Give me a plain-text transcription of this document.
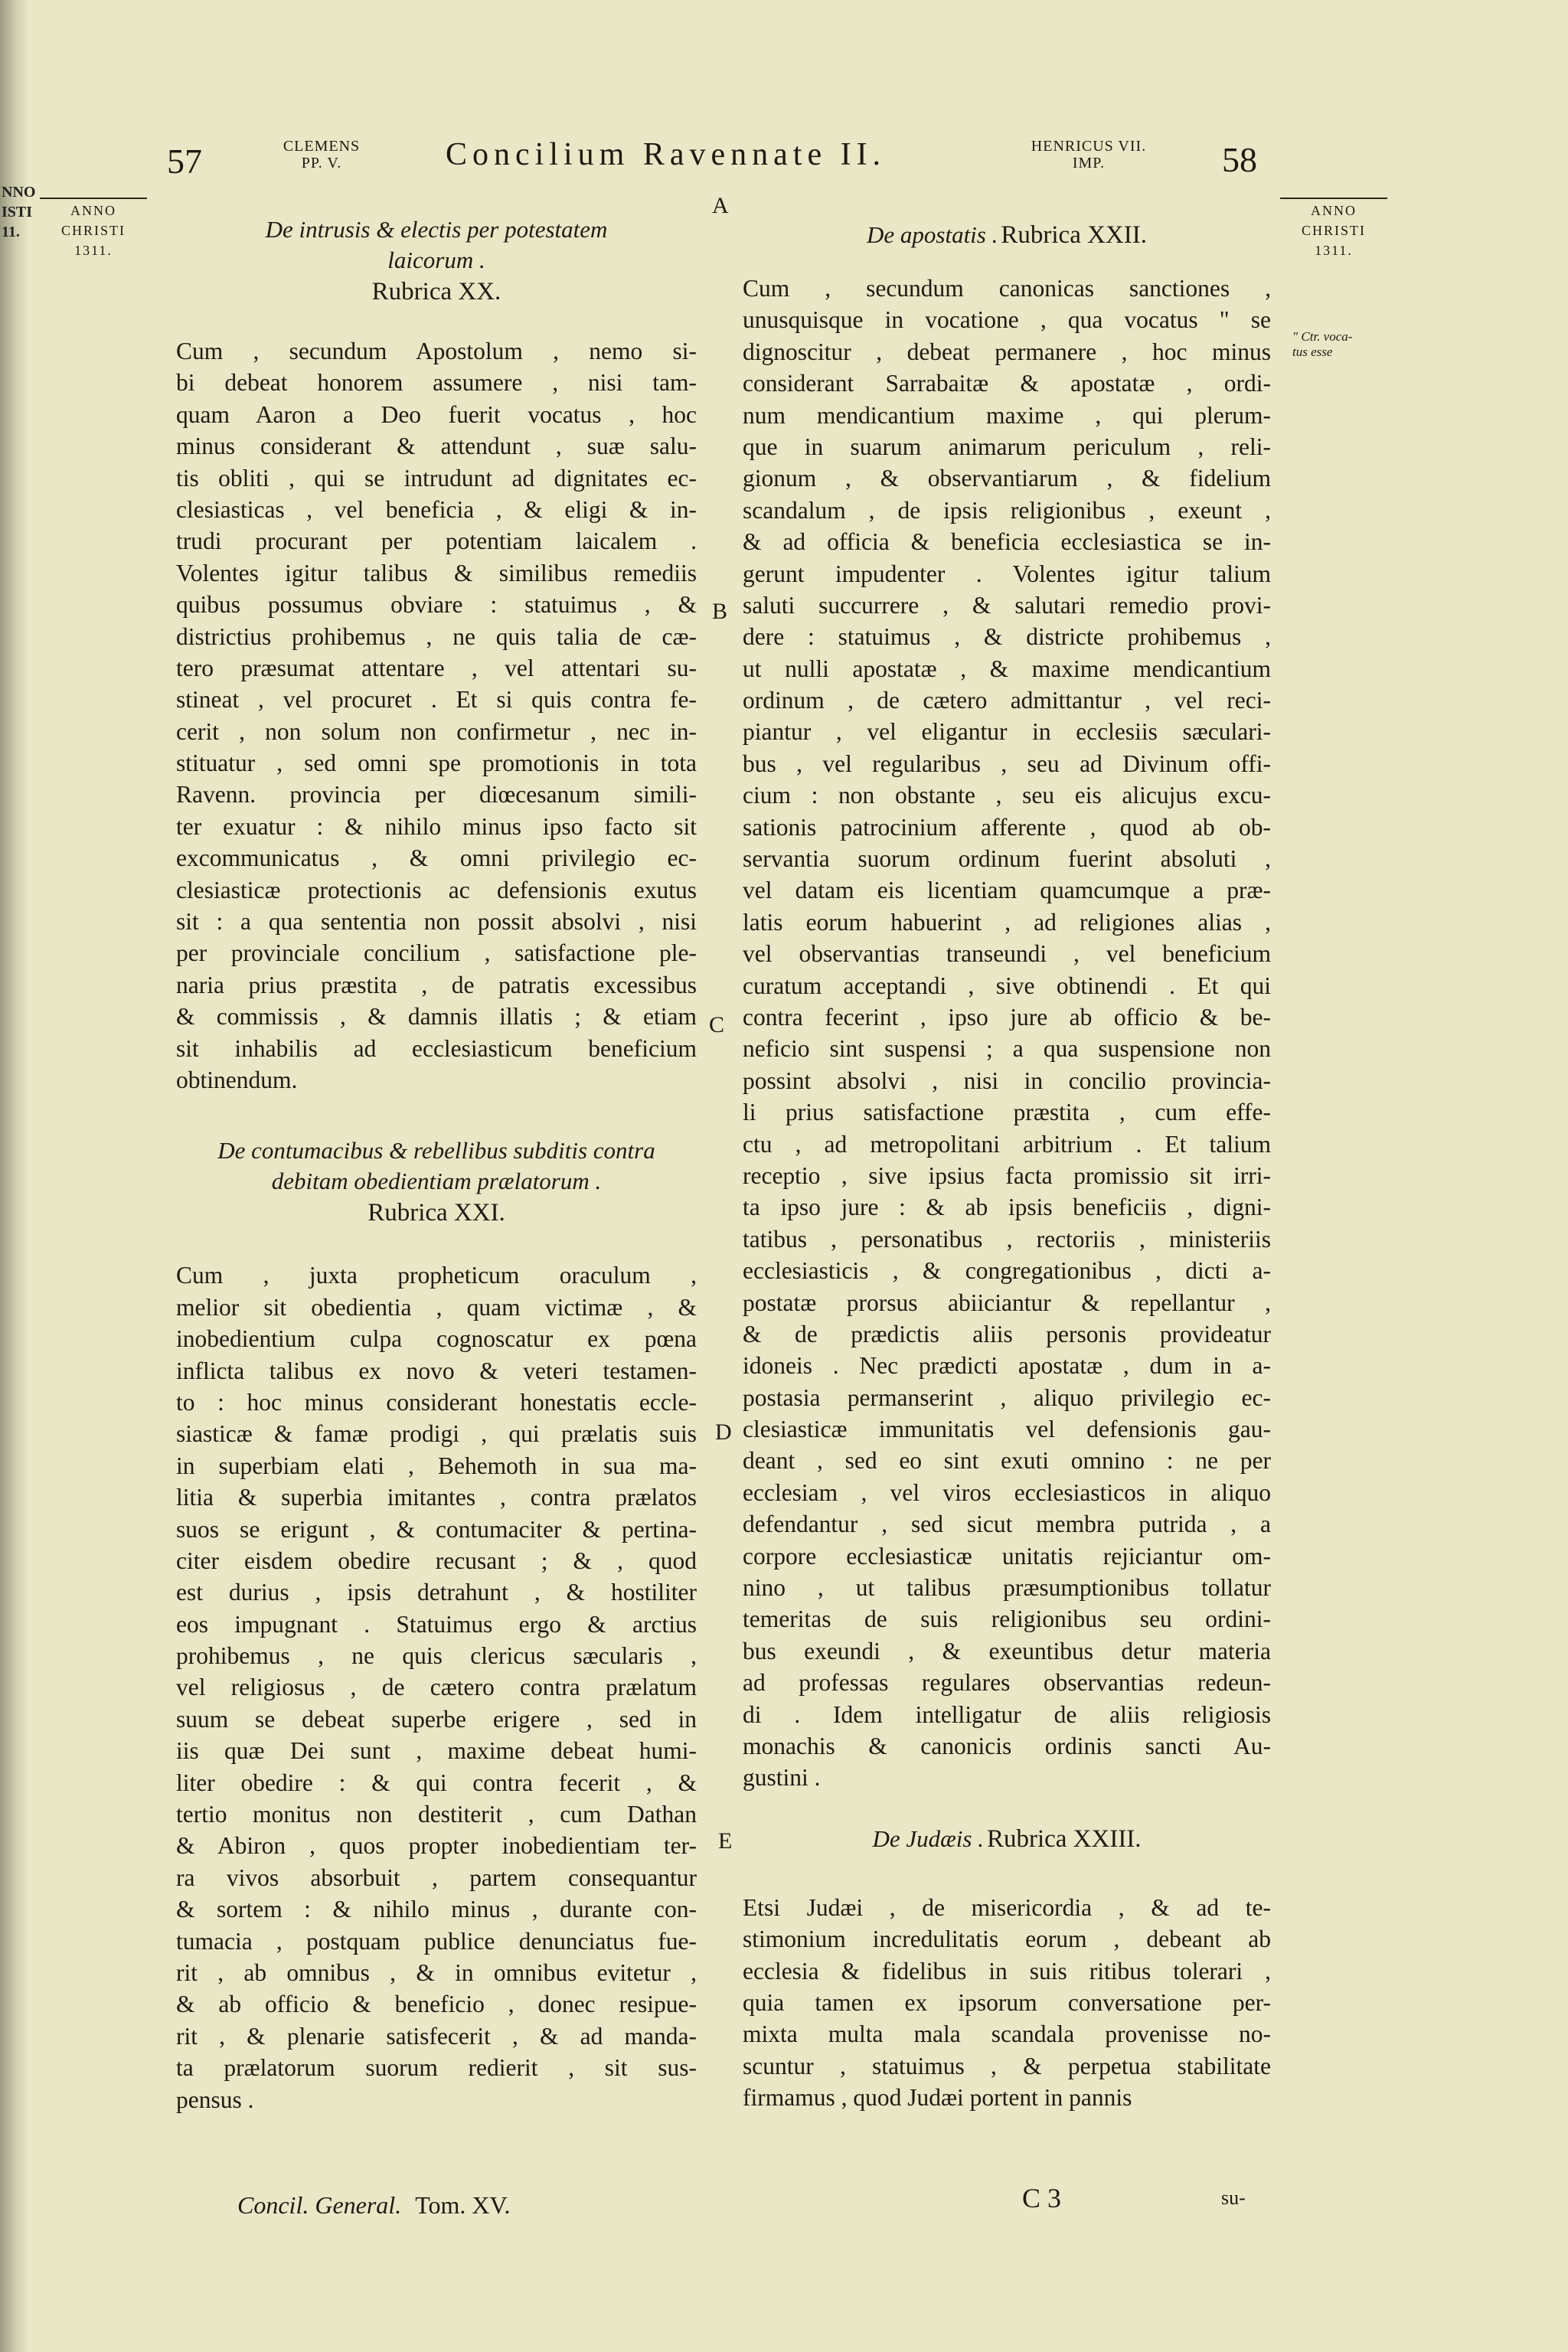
NNO
ISTI
11.
57	CLEMENS
PP. V.	Concilium Ravennate II.	HENRICUS VII.
IMP.	58
ANNO
CHRISTI
1311.
ANNO
CHRISTI
1311.
A
B
C
D
E
" Ctr. voca-
tus esse
De intrusis & electis per potestatem
laicorum .
Rubrica XX.
Cum , secundum Apostolum , nemo si-
bi debeat honorem assumere , nisi tam-
quam Aaron a Deo fuerit vocatus , hoc
minus considerant & attendunt , suæ salu-
tis obliti , qui se intrudunt ad dignitates ec-
clesiasticas , vel beneficia , & eligi & in-
trudi procurant per potentiam laicalem .
Volentes igitur talibus & similibus remediis
quibus possumus obviare : statuimus , &
districtius prohibemus , ne quis talia de cæ-
tero præsumat attentare , vel attentari su-
stineat , vel procuret . Et si quis contra fe-
cerit , non solum non confirmetur , nec in-
stituatur , sed omni spe promotionis in tota
Ravenn. provincia per diœcesanum simili-
ter exuatur : & nihilo minus ipso facto sit
excommunicatus , & omni privilegio ec-
clesiasticæ protectionis ac defensionis exutus
sit : a qua sententia non possit absolvi , nisi
per provinciale concilium , satisfactione ple-
naria prius præstita , de patratis excessibus
& commissis , & damnis illatis ; & etiam
sit inhabilis ad ecclesiasticum beneficium
obtinendum.
De contumacibus & rebellibus subditis contra
debitam obedientiam prælatorum .
Rubrica XXI.
Cum , juxta propheticum oraculum ,
melior sit obedientia , quam victimæ , &
inobedientium culpa cognoscatur ex pœna
inflicta talibus ex novo & veteri testamen-
to : hoc minus considerant honestatis eccle-
siasticæ & famæ prodigi , qui prælatis suis
in superbiam elati , Behemoth in sua ma-
litia & superbia imitantes , contra prælatos
suos se erigunt , & contumaciter & pertina-
citer eisdem obedire recusant ; & , quod
est durius , ipsis detrahunt , & hostiliter
eos impugnant . Statuimus ergo & arctius
prohibemus , ne quis clericus sæcularis ,
vel religiosus , de cætero contra prælatum
suum se debeat superbe erigere , sed in
iis quæ Dei sunt , maxime debeat humi-
liter obedire : & qui contra fecerit , &
tertio monitus non destiterit , cum Dathan
& Abiron , quos propter inobedientiam ter-
ra vivos absorbuit , partem consequantur
& sortem : & nihilo minus , durante con-
tumacia , postquam publice denunciatus fue-
rit , ab omnibus , & in omnibus evitetur ,
& ab officio & beneficio , donec resipue-
rit , & plenarie satisfecerit , & ad manda-
ta prælatorum suorum redierit , sit sus-
pensus .
Concil. General. Tom. XV.
De apostatis . Rubrica XXII.
Cum , secundum canonicas sanctiones ,
unusquisque in vocatione , qua vocatus " se
dignoscitur , debeat permanere , hoc minus
considerant Sarrabaitæ & apostatæ , ordi-
num mendicantium maxime , qui plerum-
que in suarum animarum periculum , reli-
gionum , & observantiarum , & fidelium
scandalum , de ipsis religionibus , exeunt ,
& ad officia & beneficia ecclesiastica se in-
gerunt impudenter . Volentes igitur talium
saluti succurrere , & salutari remedio provi-
dere : statuimus , & districte prohibemus ,
ut nulli apostatæ , & maxime mendicantium
ordinum , de cætero admittantur , vel reci-
piantur , vel eligantur in ecclesiis sæculari-
bus , vel regularibus , seu ad Divinum offi-
cium : non obstante , seu eis alicujus excu-
sationis patrocinium afferente , quod ab ob-
servantia suorum ordinum fuerint absoluti ,
vel datam eis licentiam quamcumque a præ-
latis eorum habuerint , ad religiones alias ,
vel observantias transeundi , vel beneficium
curatum acceptandi , sive obtinendi . Et qui
contra fecerint , ipso jure ab officio & be-
neficio sint suspensi ; a qua suspensione non
possint absolvi , nisi in concilio provincia-
li prius satisfactione præstita , cum effe-
ctu , ad metropolitani arbitrium . Et talium
receptio , sive ipsius facta promissio sit irri-
ta ipso jure : & ab ipsis beneficiis , digni-
tatibus , personatibus , rectoriis , ministeriis
ecclesiasticis , & congregationibus , dicti a-
postatæ prorsus abiiciantur & repellantur ,
& de prædictis aliis personis provideatur
idoneis . Nec prædicti apostatæ , dum in a-
postasia permanserint , aliquo privilegio ec-
clesiasticæ immunitatis vel defensionis gau-
deant , sed eo sint exuti omnino : ne per
ecclesiam , vel viros ecclesiasticos in aliquo
defendantur , sed sicut membra putrida , a
corpore ecclesiasticæ unitatis rejiciantur om-
nino , ut talibus præsumptionibus tollatur
temeritas de suis religionibus seu ordini-
bus exeundi , & exeuntibus detur materia
ad professas regulares observantias redeun-
di . Idem intelligatur de aliis religiosis
monachis & canonicis ordinis sancti Au-
gustini .
De Judæis . Rubrica XXIII.
Etsi Judæi , de misericordia , & ad te-
stimonium incredulitatis eorum , debeant ab
ecclesia & fidelibus in suis ritibus tolerari ,
quia tamen ex ipsorum conversatione per-
mixta multa mala scandala provenisse no-
scuntur , statuimus , & perpetua stabilitate
firmamus , quod Judæi portent in pannis
C 3	su-
